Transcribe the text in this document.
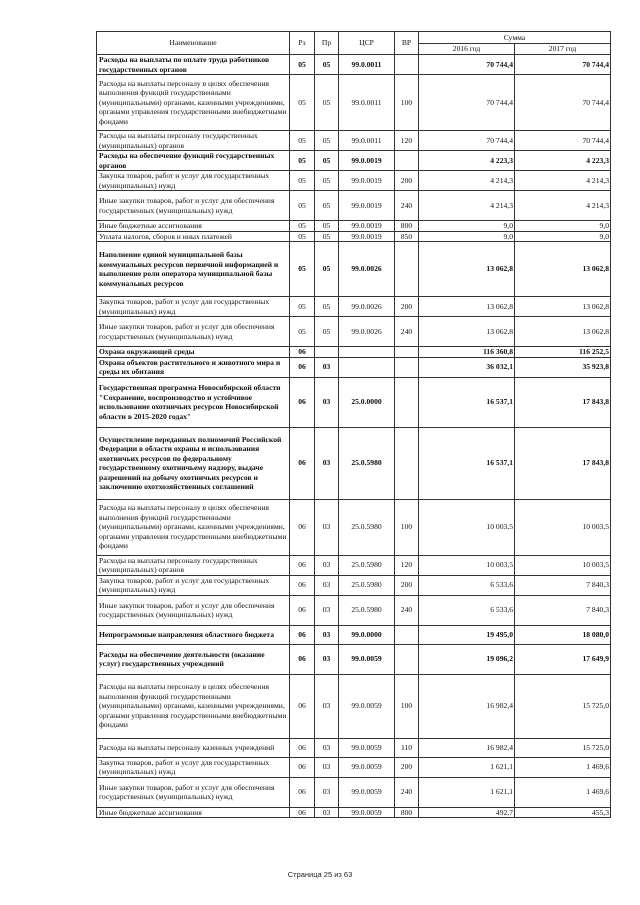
Наименование	Рз	Пр	ЦСР	ВР	Сумма	
					2016 год	2017 год
Расходы на выплаты по оплате труда работников государственных органов	05	05	99.0.0011		70 744,4	70 744,4
Расходы на выплаты персоналу в целях обеспечения выполнения функций государственными (муниципальными) органами, казенными учреждениями, органами управления государственными внебюджетными фондами	05	05	99.0.0011	100	70 744,4	70 744,4
Расходы на выплаты персоналу государственных (муниципальных) органов	05	05	99.0.0011	120	70 744,4	70 744,4
Расходы на обеспечение функций государственных органов	05	05	99.0.0019		4 223,3	4 223,3
Закупка товаров, работ и услуг для государственных (муниципальных) нужд	05	05	99.0.0019	200	4 214,3	4 214,3
Иные закупки товаров, работ и услуг для обеспечения государственных (муниципальных) нужд	05	05	99.0.0019	240	4 214,3	4 214,3
Иные бюджетные ассигнования	05	05	99.0.0019	800	9,0	9,0
Уплата налогов, сборов и иных платежей	05	05	99.0.0019	850	9,0	9,0
Наполнение единой муниципальной базы коммунальных ресурсов первичной информацией и выполнение роли оператора муниципальной базы коммунальных ресурсов	05	05	99.0.0026		13 062,8	13 062,8
Закупка товаров, работ и услуг для государственных (муниципальных) нужд	05	05	99.0.0026	200	13 062,8	13 062,8
Иные закупки товаров, работ и услуг для обеспечения государственных (муниципальных) нужд	05	05	99.0.0026	240	13 062,8	13 062,8
Охрана окружающей среды	06				116 360,8	116 252,5
Охрана объектов растительного и животного мира и среды их обитания	06	03			36 032,1	35 923,8
Государственная программа Новосибирской области "Сохранение, воспроизводство и устойчивое использование охотничьих ресурсов Новосибирской области в 2015-2020 годах"	06	03	25.0.0000		16 537,1	17 843,8
Осуществление переданных полномочий Российской Федерации в области охраны и использования охотничьих ресурсов по федеральному государственному охотничьему надзору, выдаче разрешений на добычу охотничьих ресурсов и заключению охотхозяйственных соглашений	06	03	25.0.5980		16 537,1	17 843,8
Расходы на выплаты персоналу в целях обеспечения выполнения функций государственными (муниципальными) органами, казенными учреждениями, органами управления государственными внебюджетными фондами	06	03	25.0.5980	100	10 003,5	10 003,5
Расходы на выплаты персоналу государственных (муниципальных) органов	06	03	25.0.5980	120	10 003,5	10 003,5
Закупка товаров, работ и услуг для государственных (муниципальных) нужд	06	03	25.0.5980	200	6 533,6	7 840,3
Иные закупки товаров, работ и услуг для обеспечения государственных (муниципальных) нужд	06	03	25.0.5980	240	6 533,6	7 840,3
Непрограммные направления областного бюджета	06	03	99.0.0000		19 495,0	18 080,0
Расходы на обеспечение деятельности (оказание услуг) государственных учреждений	06	03	99.0.0059		19 096,2	17 649,9
Расходы на выплаты персоналу в целях обеспечения выполнения функций государственными (муниципальными) органами, казенными учреждениями, органами управления государственными внебюджетными фондами	06	03	99.0.0059	100	16 982,4	15 725,0
Расходы на выплаты персоналу казенных учреждений	06	03	99.0.0059	110	16 982,4	15 725,0
Закупка товаров, работ и услуг для государственных (муниципальных) нужд	06	03	99.0.0059	200	1 621,1	1 469,6
Иные закупки товаров, работ и услуг для обеспечения государственных (муниципальных) нужд	06	03	99.0.0059	240	1 621,1	1 469,6
Иные бюджетные ассигнования	06	03	99.0.0059	800	492,7	455,3
Страница 25 из 63
